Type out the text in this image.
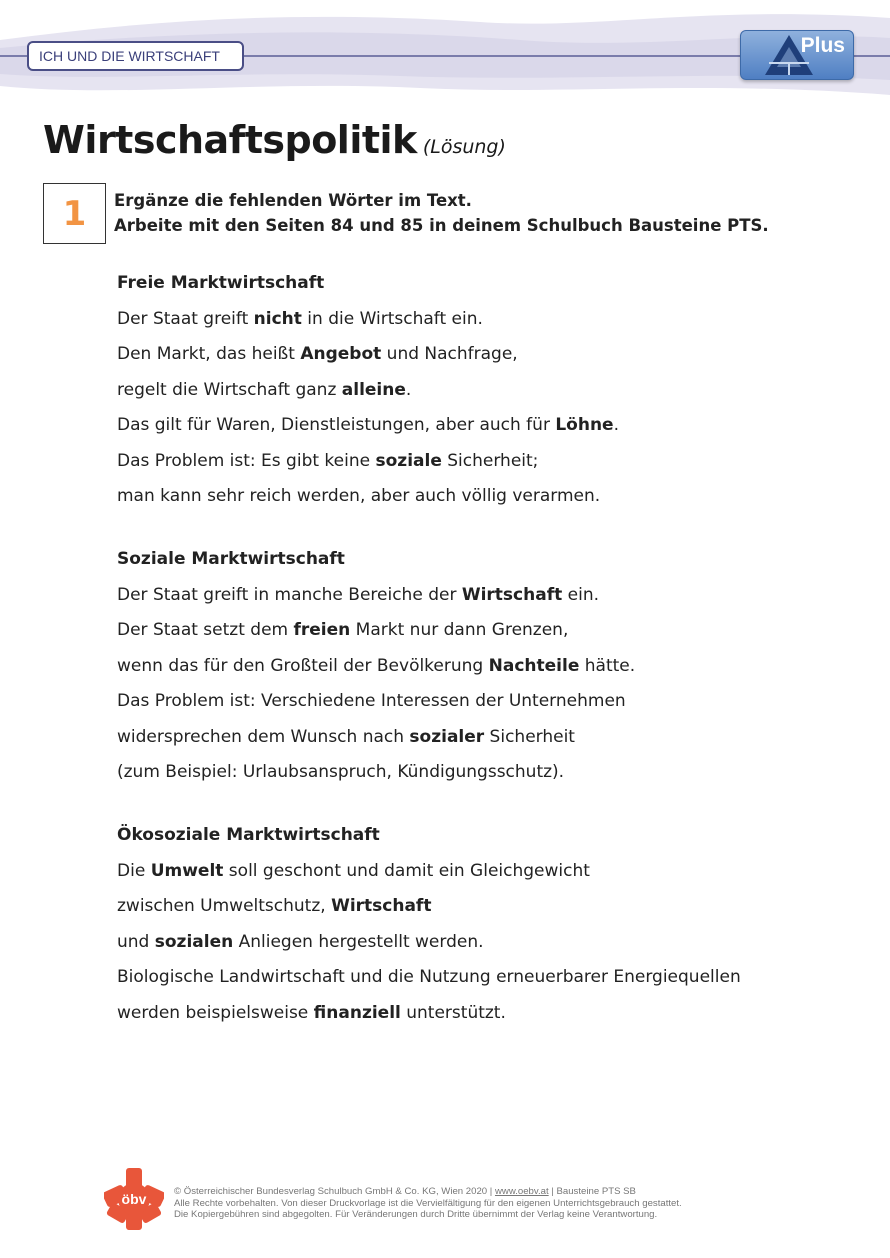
ICH UND DIE WIRTSCHAFT	Plus
Wirtschaftspolitik (Lösung)
1 Ergänze die fehlenden Wörter im Text.
Arbeite mit den Seiten 84 und 85 in deinem Schulbuch Bausteine PTS.
Freie Marktwirtschaft
Der Staat greift nicht in die Wirtschaft ein.
Den Markt, das heißt Angebot und Nachfrage,
regelt die Wirtschaft ganz alleine.
Das gilt für Waren, Dienstleistungen, aber auch für Löhne.
Das Problem ist: Es gibt keine soziale Sicherheit;
man kann sehr reich werden, aber auch völlig verarmen.
Soziale Marktwirtschaft
Der Staat greift in manche Bereiche der Wirtschaft ein.
Der Staat setzt dem freien Markt nur dann Grenzen,
wenn das für den Großteil der Bevölkerung Nachteile hätte.
Das Problem ist: Verschiedene Interessen der Unternehmen
widersprechen dem Wunsch nach sozialer Sicherheit
(zum Beispiel: Urlaubsanspruch, Kündigungsschutz).
Ökosoziale Marktwirtschaft
Die Umwelt soll geschont und damit ein Gleichgewicht
zwischen Umweltschutz, Wirtschaft
und sozialen Anliegen hergestellt werden.
Biologische Landwirtschaft und die Nutzung erneuerbarer Energiequellen
werden beispielsweise finanziell unterstützt.
öbv	© Österreichischer Bundesverlag Schulbuch GmbH & Co. KG, Wien 2020 | www.oebv.at | Bausteine PTS SB
Alle Rechte vorbehalten. Von dieser Druckvorlage ist die Vervielfältigung für den eigenen Unterrichtsgebrauch gestattet.
Die Kopiergebühren sind abgegolten. Für Veränderungen durch Dritte übernimmt der Verlag keine Verantwortung.
